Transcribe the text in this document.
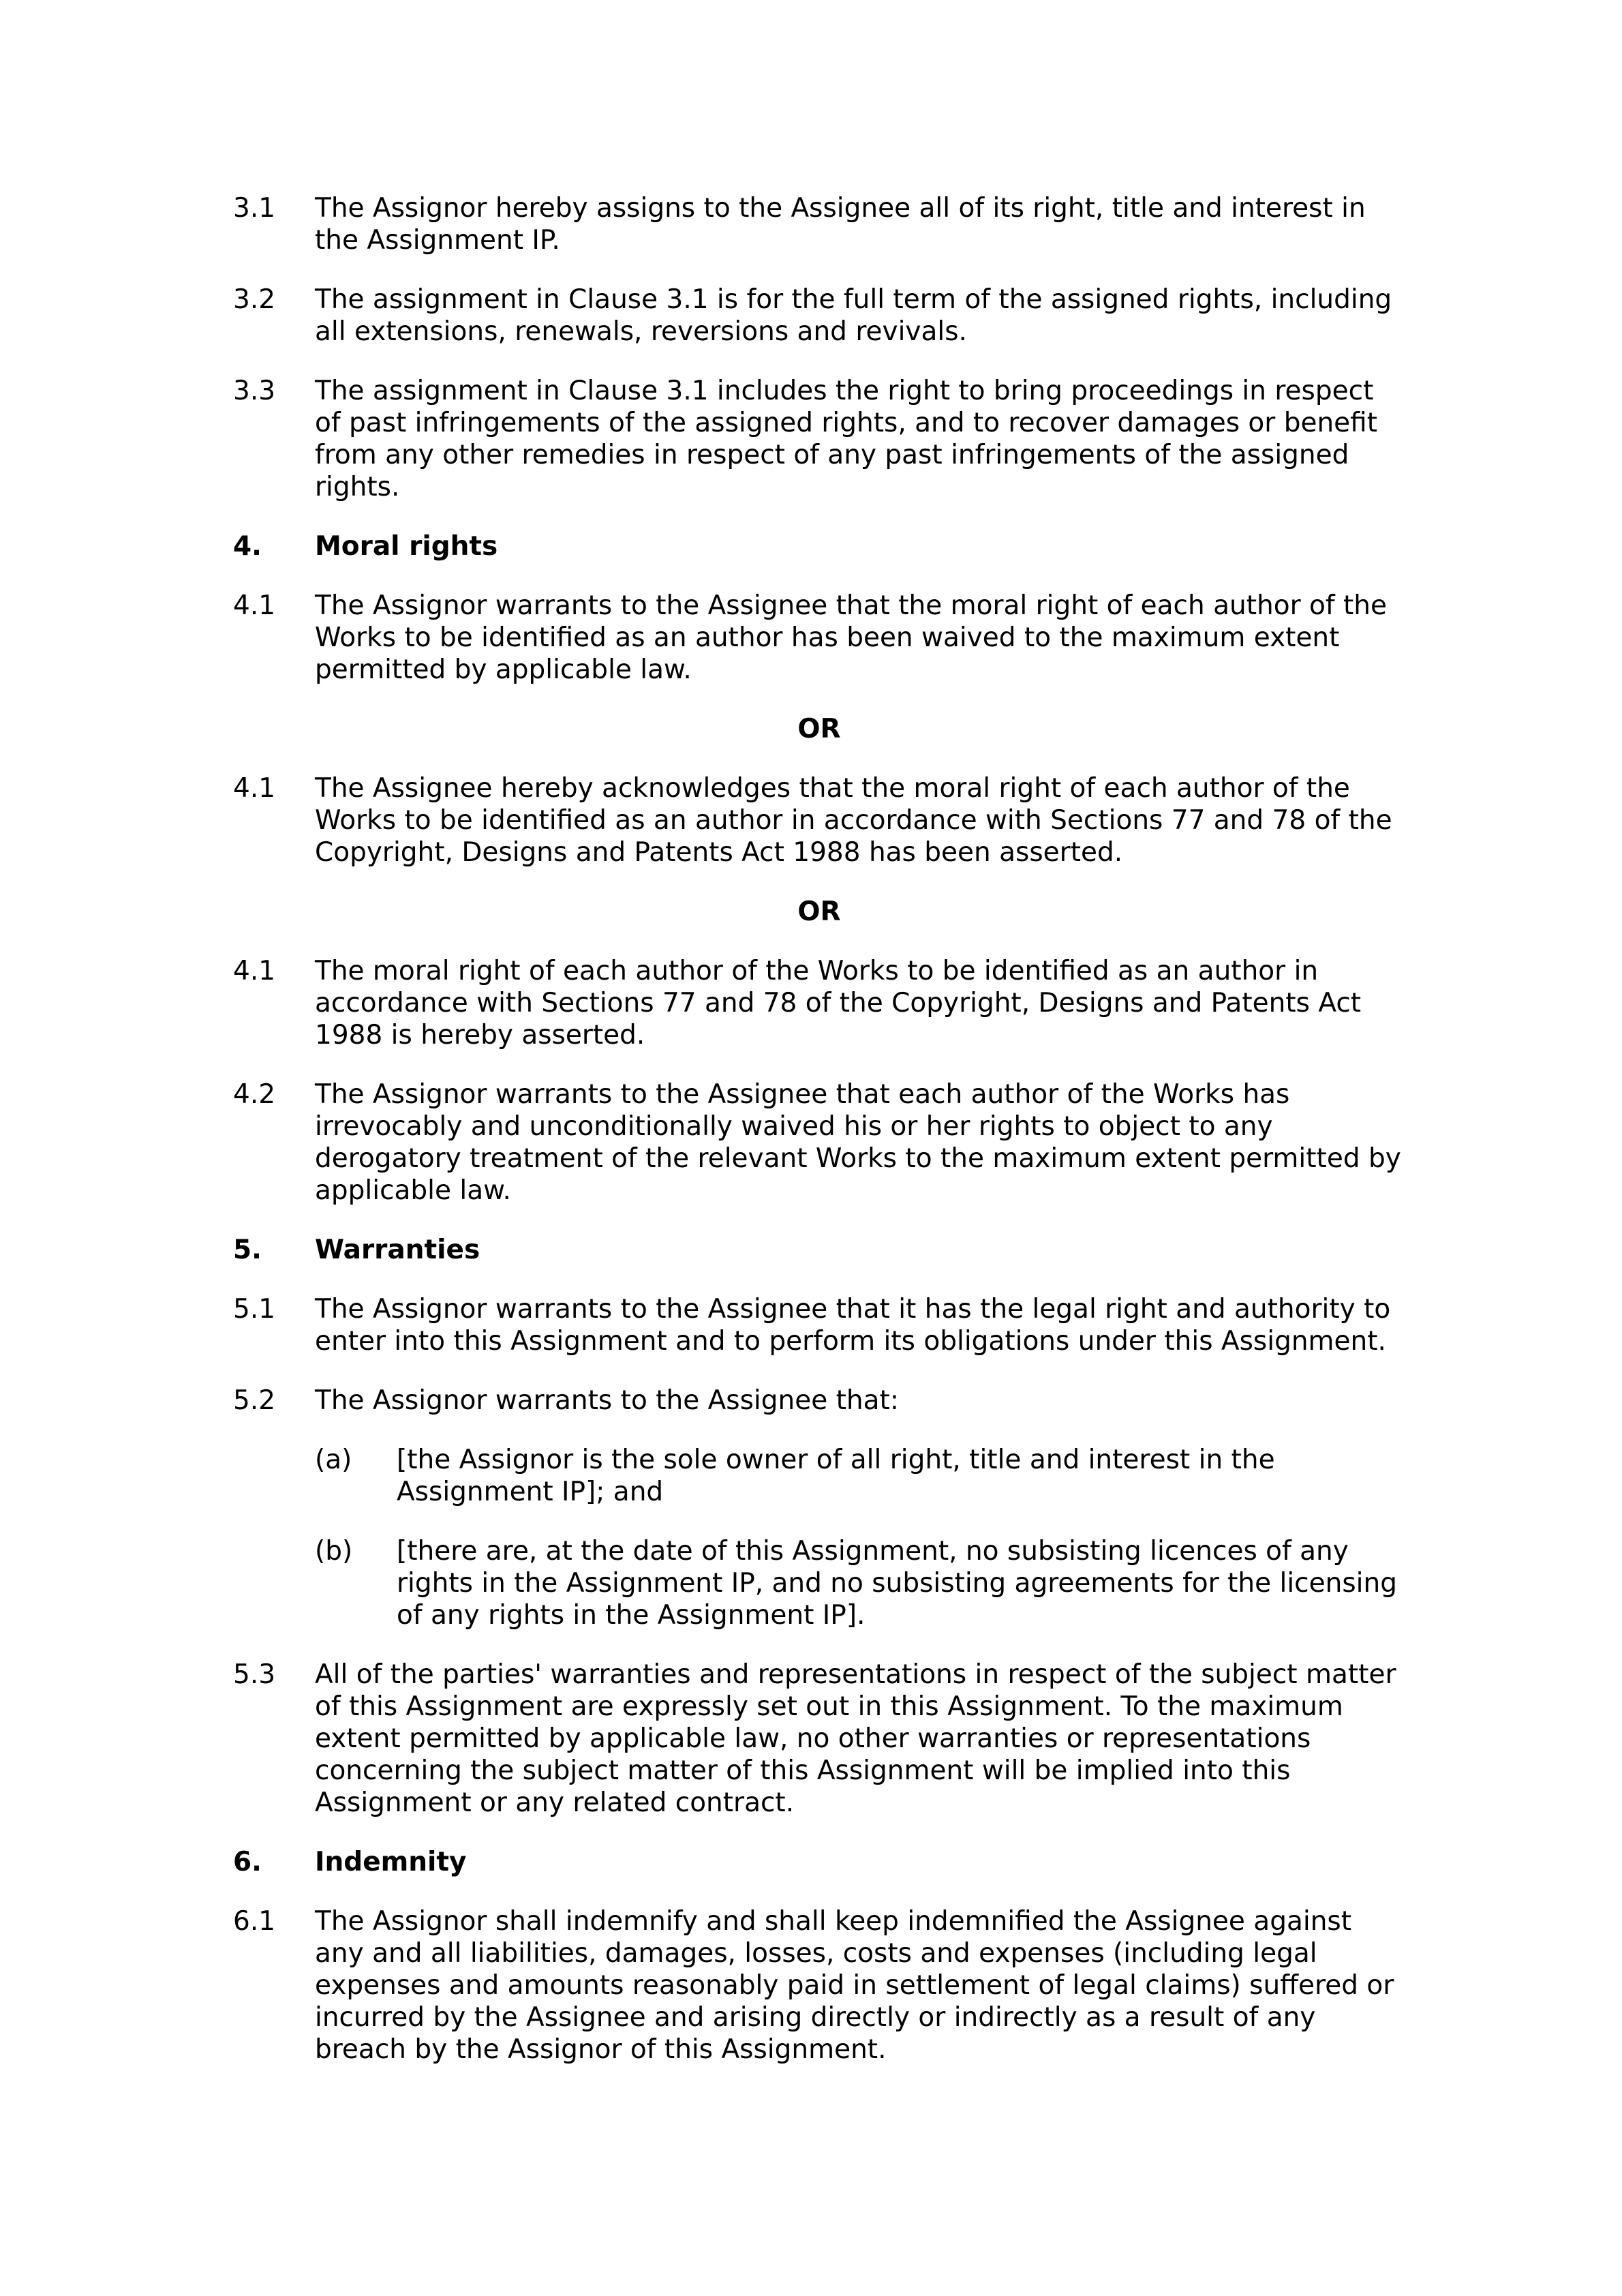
3.1	The Assignor hereby assigns to the Assignee all of its right, title and interest in the Assignment IP.
3.2	The assignment in Clause 3.1 is for the full term of the assigned rights, including all extensions, renewals, reversions and revivals.
3.3	The assignment in Clause 3.1 includes the right to bring proceedings in respect of past infringements of the assigned rights, and to recover damages or benefit from any other remedies in respect of any past infringements of the assigned rights.
4.	Moral rights
4.1	The Assignor warrants to the Assignee that the moral right of each author of the Works to be identified as an author has been waived to the maximum extent permitted by applicable law.
OR
4.1	The Assignee hereby acknowledges that the moral right of each author of the Works to be identified as an author in accordance with Sections 77 and 78 of the Copyright, Designs and Patents Act 1988 has been asserted.
OR
4.1	The moral right of each author of the Works to be identified as an author in accordance with Sections 77 and 78 of the Copyright, Designs and Patents Act 1988 is hereby asserted.
4.2	The Assignor warrants to the Assignee that each author of the Works has irrevocably and unconditionally waived his or her rights to object to any derogatory treatment of the relevant Works to the maximum extent permitted by applicable law.
5.	Warranties
5.1	The Assignor warrants to the Assignee that it has the legal right and authority to enter into this Assignment and to perform its obligations under this Assignment.
5.2	The Assignor warrants to the Assignee that:
(a)	[the Assignor is the sole owner of all right, title and interest in the Assignment IP]; and
(b)	[there are, at the date of this Assignment, no subsisting licences of any rights in the Assignment IP, and no subsisting agreements for the licensing of any rights in the Assignment IP].
5.3	All of the parties' warranties and representations in respect of the subject matter of this Assignment are expressly set out in this Assignment. To the maximum extent permitted by applicable law, no other warranties or representations concerning the subject matter of this Assignment will be implied into this Assignment or any related contract.
6.	Indemnity
6.1	The Assignor shall indemnify and shall keep indemnified the Assignee against any and all liabilities, damages, losses, costs and expenses (including legal expenses and amounts reasonably paid in settlement of legal claims) suffered or incurred by the Assignee and arising directly or indirectly as a result of any breach by the Assignor of this Assignment.
